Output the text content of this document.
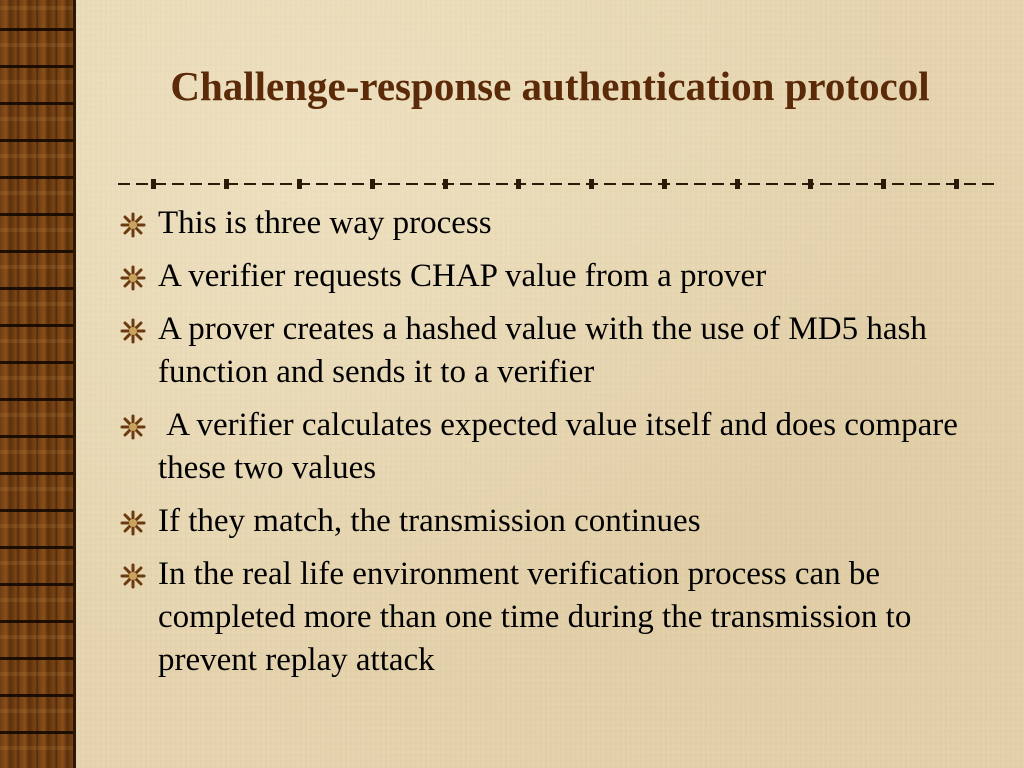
Challenge-response authentication protocol
This is three way process
A verifier requests CHAP value from a prover
A prover creates a hashed value with the use of MD5 hash function and sends it to a verifier
A verifier calculates expected value itself and does compare these two values
If they match, the transmission continues
In the real life environment verification process can be completed more than one time during the transmission to prevent replay attack
